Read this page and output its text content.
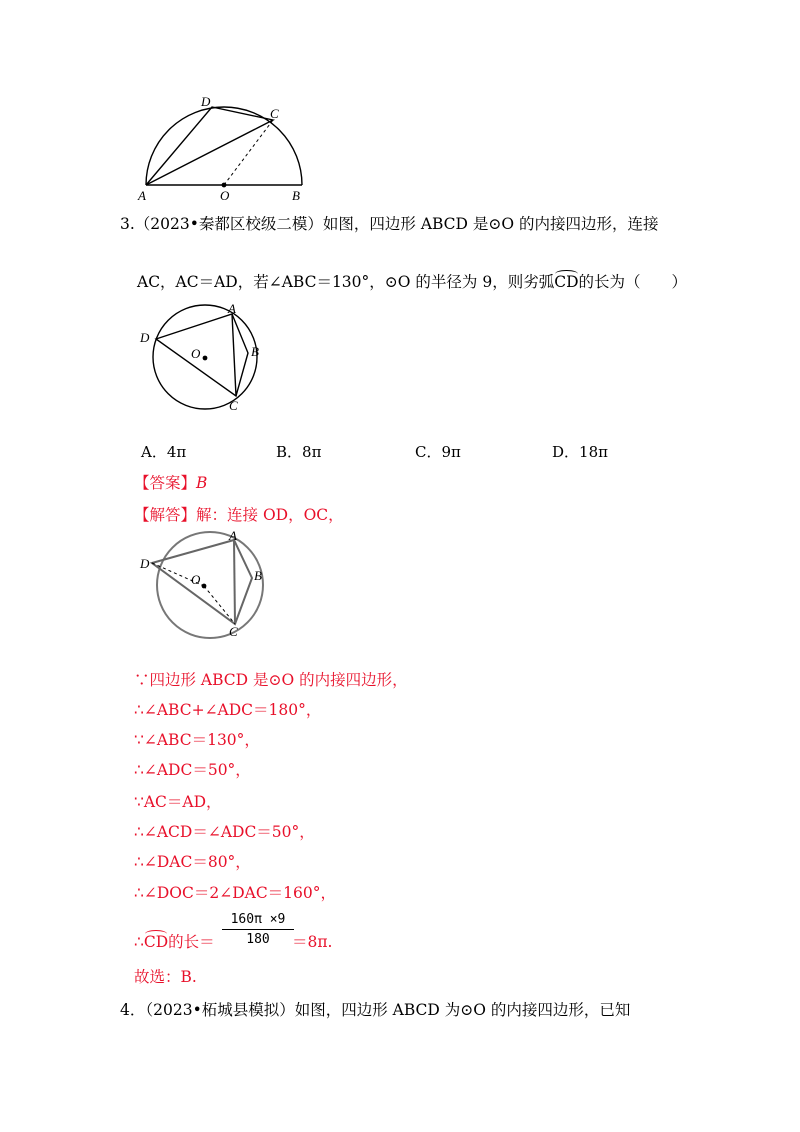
A	O	B
D
C
3.（2023•秦都区校级二模）如图，四边形 ABCD 是⊙O 的内接四边形，连接
AC，AC＝AD，若∠ABC＝130°，⊙O 的半径为 9，则劣弧CD的长为（　　）
D
A
B
C
O
A．4π	B．8π	C．9π	D．18π
【答案】B
【解答】解：连接 OD，OC，
D
A
B
C
O
∵四边形 ABCD 是⊙O 的内接四边形，
∴∠ABC+∠ADC＝180°，
∵∠ABC＝130°，
∴∠ADC＝50°，
∵AC＝AD，
∴∠ACD＝∠ADC＝50°，
∴∠DAC＝80°，
∴∠DOC＝2∠DAC＝160°，
∴CD的长＝ $\frac{160\pi \times 9}{180}$
＝8π.
故选：B.
4．（2023•柘城县模拟）如图，四边形 ABCD 为⊙O 的内接四边形，已知
